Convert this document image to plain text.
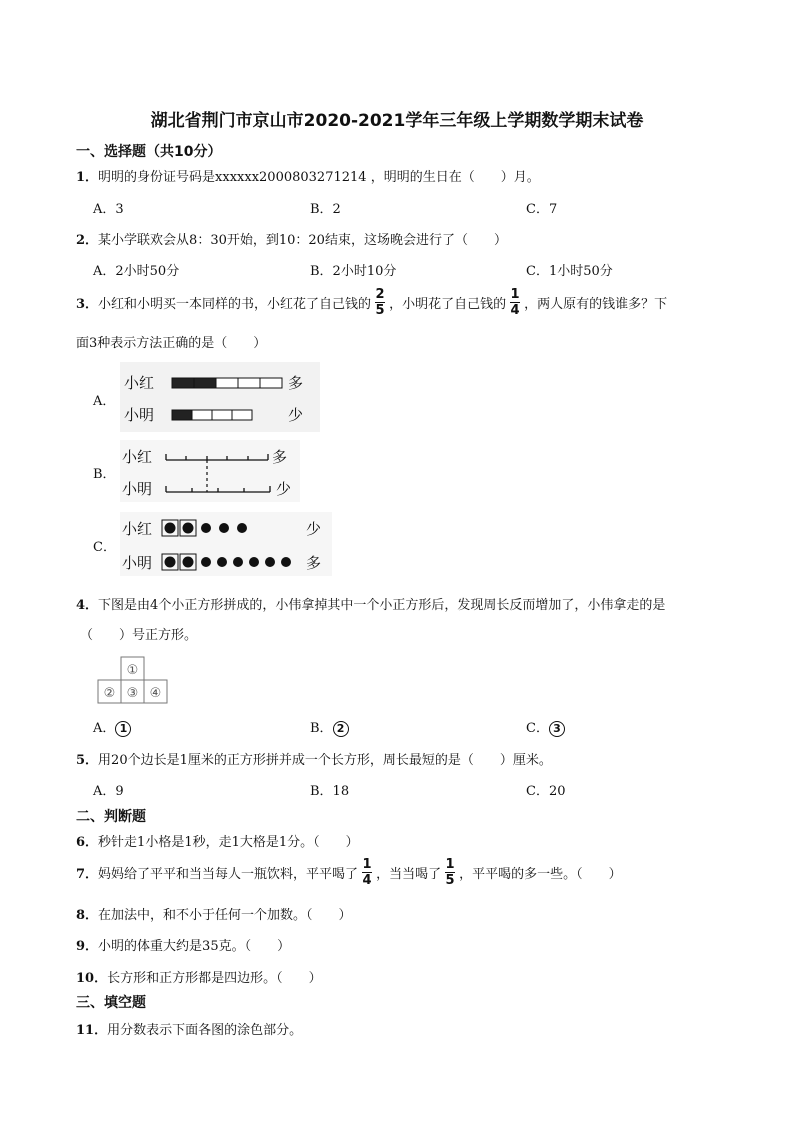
湖北省荆门市京山市2020-2021学年三年级上学期数学期末试卷
一、选择题（共10分）
1．明明的身份证号码是xxxxxx2000803271214 ，明明的生日在（　　）月。
A．3	B．2	C．7
2．某小学联欢会从8：30开始，到10：20结束，这场晚会进行了（　　）
A．2小时50分	B．2小时10分	C．1小时50分
3． 小红和小明买一本同样的书，小红花了自己钱的 $\frac{2}{5}$ ，小明花了自己钱的 $\frac{1}{4}$ ，两人原有的钱谁多？下
面3种表示方法正确的是（　　）
A．
小红	多
小明	少
B．
小红	多
小明	少
C．
小红	少
小明	多
4．下图是由4个小正方形拼成的，小伟拿掉其中一个小正方形后，发现周长反而增加了，小伟拿走的是
（　　）号正方形。
①
② ③ ④
A． 1	B． 2	C． 3
5．用20个边长是1厘米的正方形拼并成一个长方形，周长最短的是（　　）厘米。
A．9	B．18	C．20
二、判断题
6．秒针走1小格是1秒，走1大格是1分。（　　）
7． 妈妈给了平平和当当每人一瓶饮料，平平喝了 $\frac{1}{4}$ ，当当喝了 $\frac{1}{5}$ ，平平喝的多一些。（　　）
8．在加法中，和不小于任何一个加数。（　　）
9．小明的体重大约是35克。（　　）
10．长方形和正方形都是四边形。（　　）
三、填空题
11．用分数表示下面各图的涂色部分。
